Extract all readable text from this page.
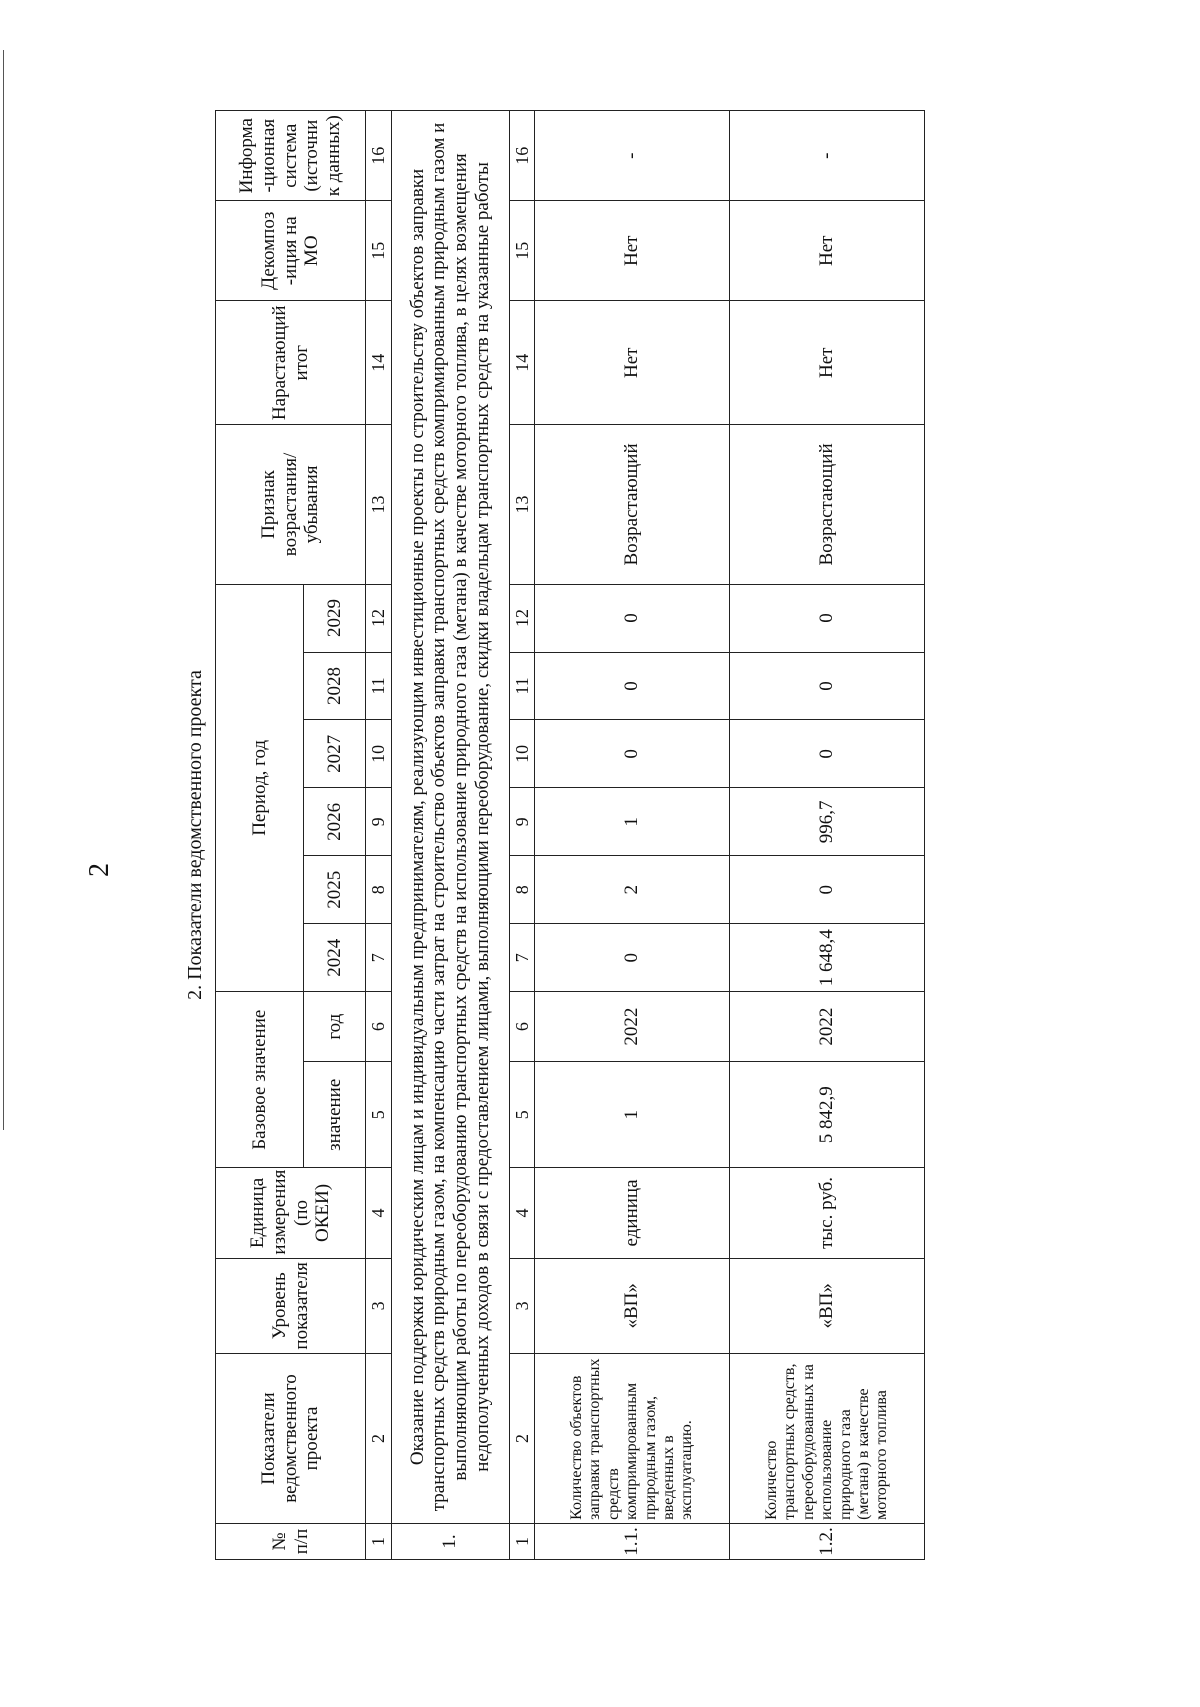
2	2. Показатели ведомственного проекта
№ п/п	Показатели ведомственного проекта	Уровень показателя	Единица измерения (по ОКЕИ)	Базовое значение		Период, год						Признак возрастания/ убывания	Нарастающий итог	Декомпоз -иция на МО	Информа -ционная система (источни к данных)
				значение	год	2024	2025	2026	2027	2028	2029				
1	2	3	4	5	6	7	8	9	10	11	12	13	14	15	16
1.	Оказание поддержки юридическим лицам и индивидуальным предпринимателям, реализующим инвестиционные проекты по строительству объектов заправки транспортных средств природным газом, на компенсацию части затрат на строительство объектов заправки транспортных средств компримированным природным газом и выполняющим работы по переоборудованию транспортных средств на использование природного газа (метана) в качестве моторного топлива, в целях возмещения недополученных доходов в связи с предоставлением лицами, выполняющими переоборудование, скидки владельцам транспортных средств на указанные работы														
1	2	3	4	5	6	7	8	9	10	11	12	13	14	15	16
1.1.	Количество объектов заправки транспортных средств компримированным природным газом, введенных в эксплуатацию.	«ВП»	единица	1	2022	0	2	1	0	0	0	Возрастающий	Нет	Нет	-
1.2.	Количество транспортных средств, переоборудованных на использование природного газа (метана) в качестве моторного топлива	«ВП»	тыс. руб.	5 842,9	2022	1 648,4	0	996,7	0	0	0	Возрастающий	Нет	Нет	-
